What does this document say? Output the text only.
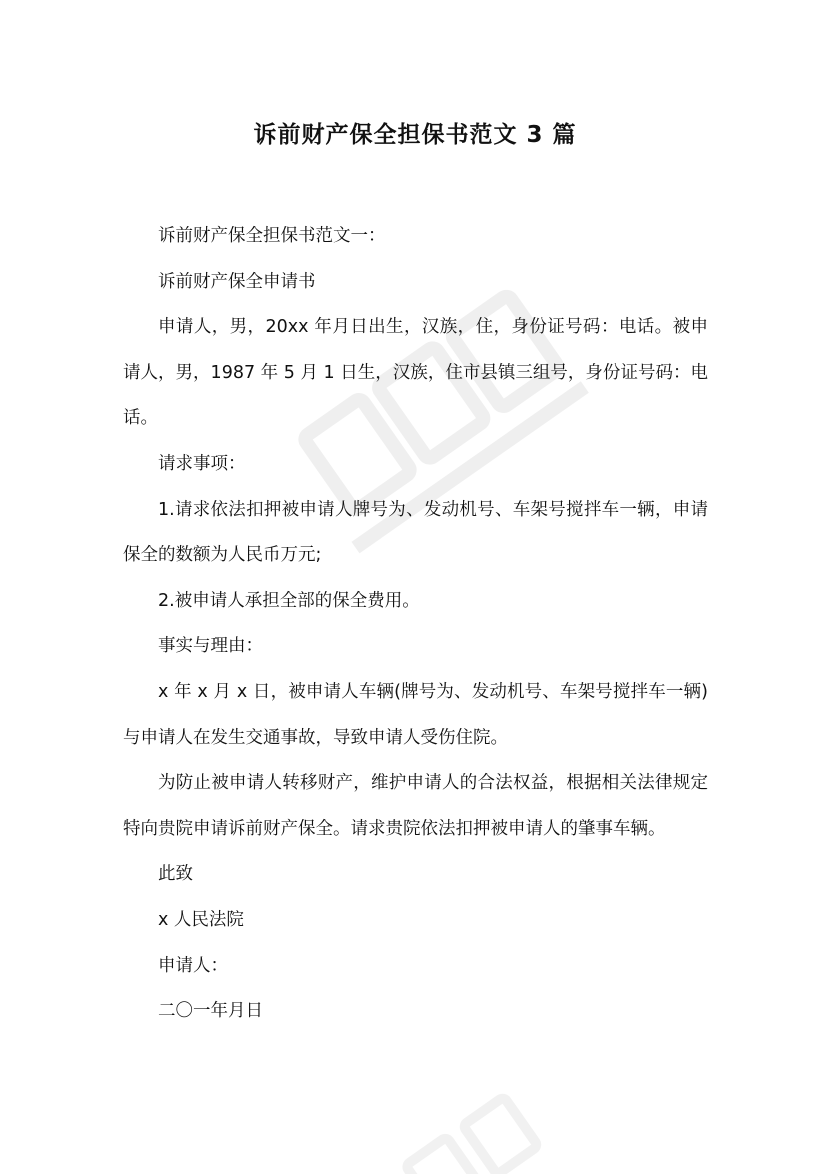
诉前财产保全担保书范文 3 篇

诉前财产保全担保书范文一：

诉前财产保全申请书

申请人，男，20xx 年月日出生，汉族，住，身份证号码：电话。被申请人，男，1987 年 5 月 1 日生，汉族，住市县镇三组号，身份证号码：电话。

请求事项：

1.请求依法扣押被申请人牌号为、发动机号、车架号搅拌车一辆，申请保全的数额为人民币万元;

2.被申请人承担全部的保全费用。

事实与理由：

x 年 x 月 x 日，被申请人车辆(牌号为、发动机号、车架号搅拌车一辆)与申请人在发生交通事故，导致申请人受伤住院。

为防止被申请人转移财产，维护申请人的合法权益，根据相关法律规定特向贵院申请诉前财产保全。请求贵院依法扣押被申请人的肇事车辆。

此致

x 人民法院

申请人：

二〇一年月日
